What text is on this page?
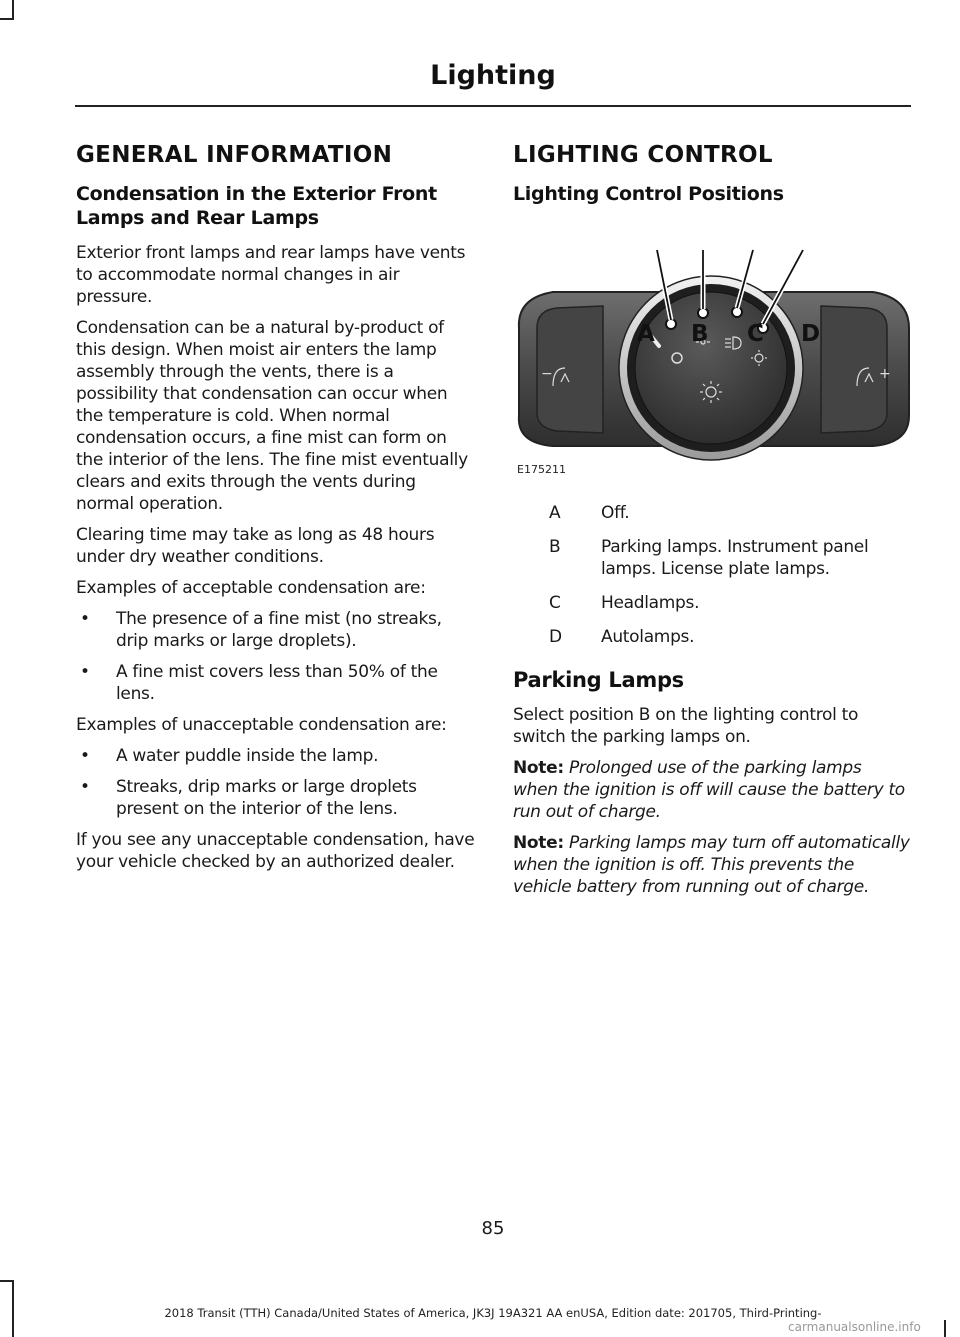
Lighting
GENERAL INFORMATION
Condensation in the Exterior Front Lamps and Rear Lamps

Exterior front lamps and rear lamps have vents to accommodate normal changes in air pressure.

Condensation can be a natural by-product of this design. When moist air enters the lamp assembly through the vents, there is a possibility that condensation can occur when the temperature is cold. When normal condensation occurs, a fine mist can form on the interior of the lens. The fine mist eventually clears and exits through the vents during normal operation.

Clearing time may take as long as 48 hours under dry weather conditions.

Examples of acceptable condensation are:

• The presence of a fine mist (no streaks, drip marks or large droplets).
• A fine mist covers less than 50% of the lens.

Examples of unacceptable condensation are:

• A water puddle inside the lamp.
• Streaks, drip marks or large droplets present on the interior of the lens.

If you see any unacceptable condensation, have your vehicle checked by an authorized dealer.

LIGHTING CONTROL
Lighting Control Positions
A B C D
−	+
E175211
A	Off.
B	Parking lamps. Instrument panel lamps. License plate lamps.
C	Headlamps.
D	Autolamps.
Parking Lamps

Select position B on the lighting control to switch the parking lamps on.

Note: Prolonged use of the parking lamps when the ignition is off will cause the battery to run out of charge.

Note: Parking lamps may turn off automatically when the ignition is off. This prevents the vehicle battery from running out of charge.

85
2018 Transit (TTH) Canada/United States of America, JK3J 19A321 AA enUSA, Edition date: 201705, Third-Printing-
carmanualsonline.info
